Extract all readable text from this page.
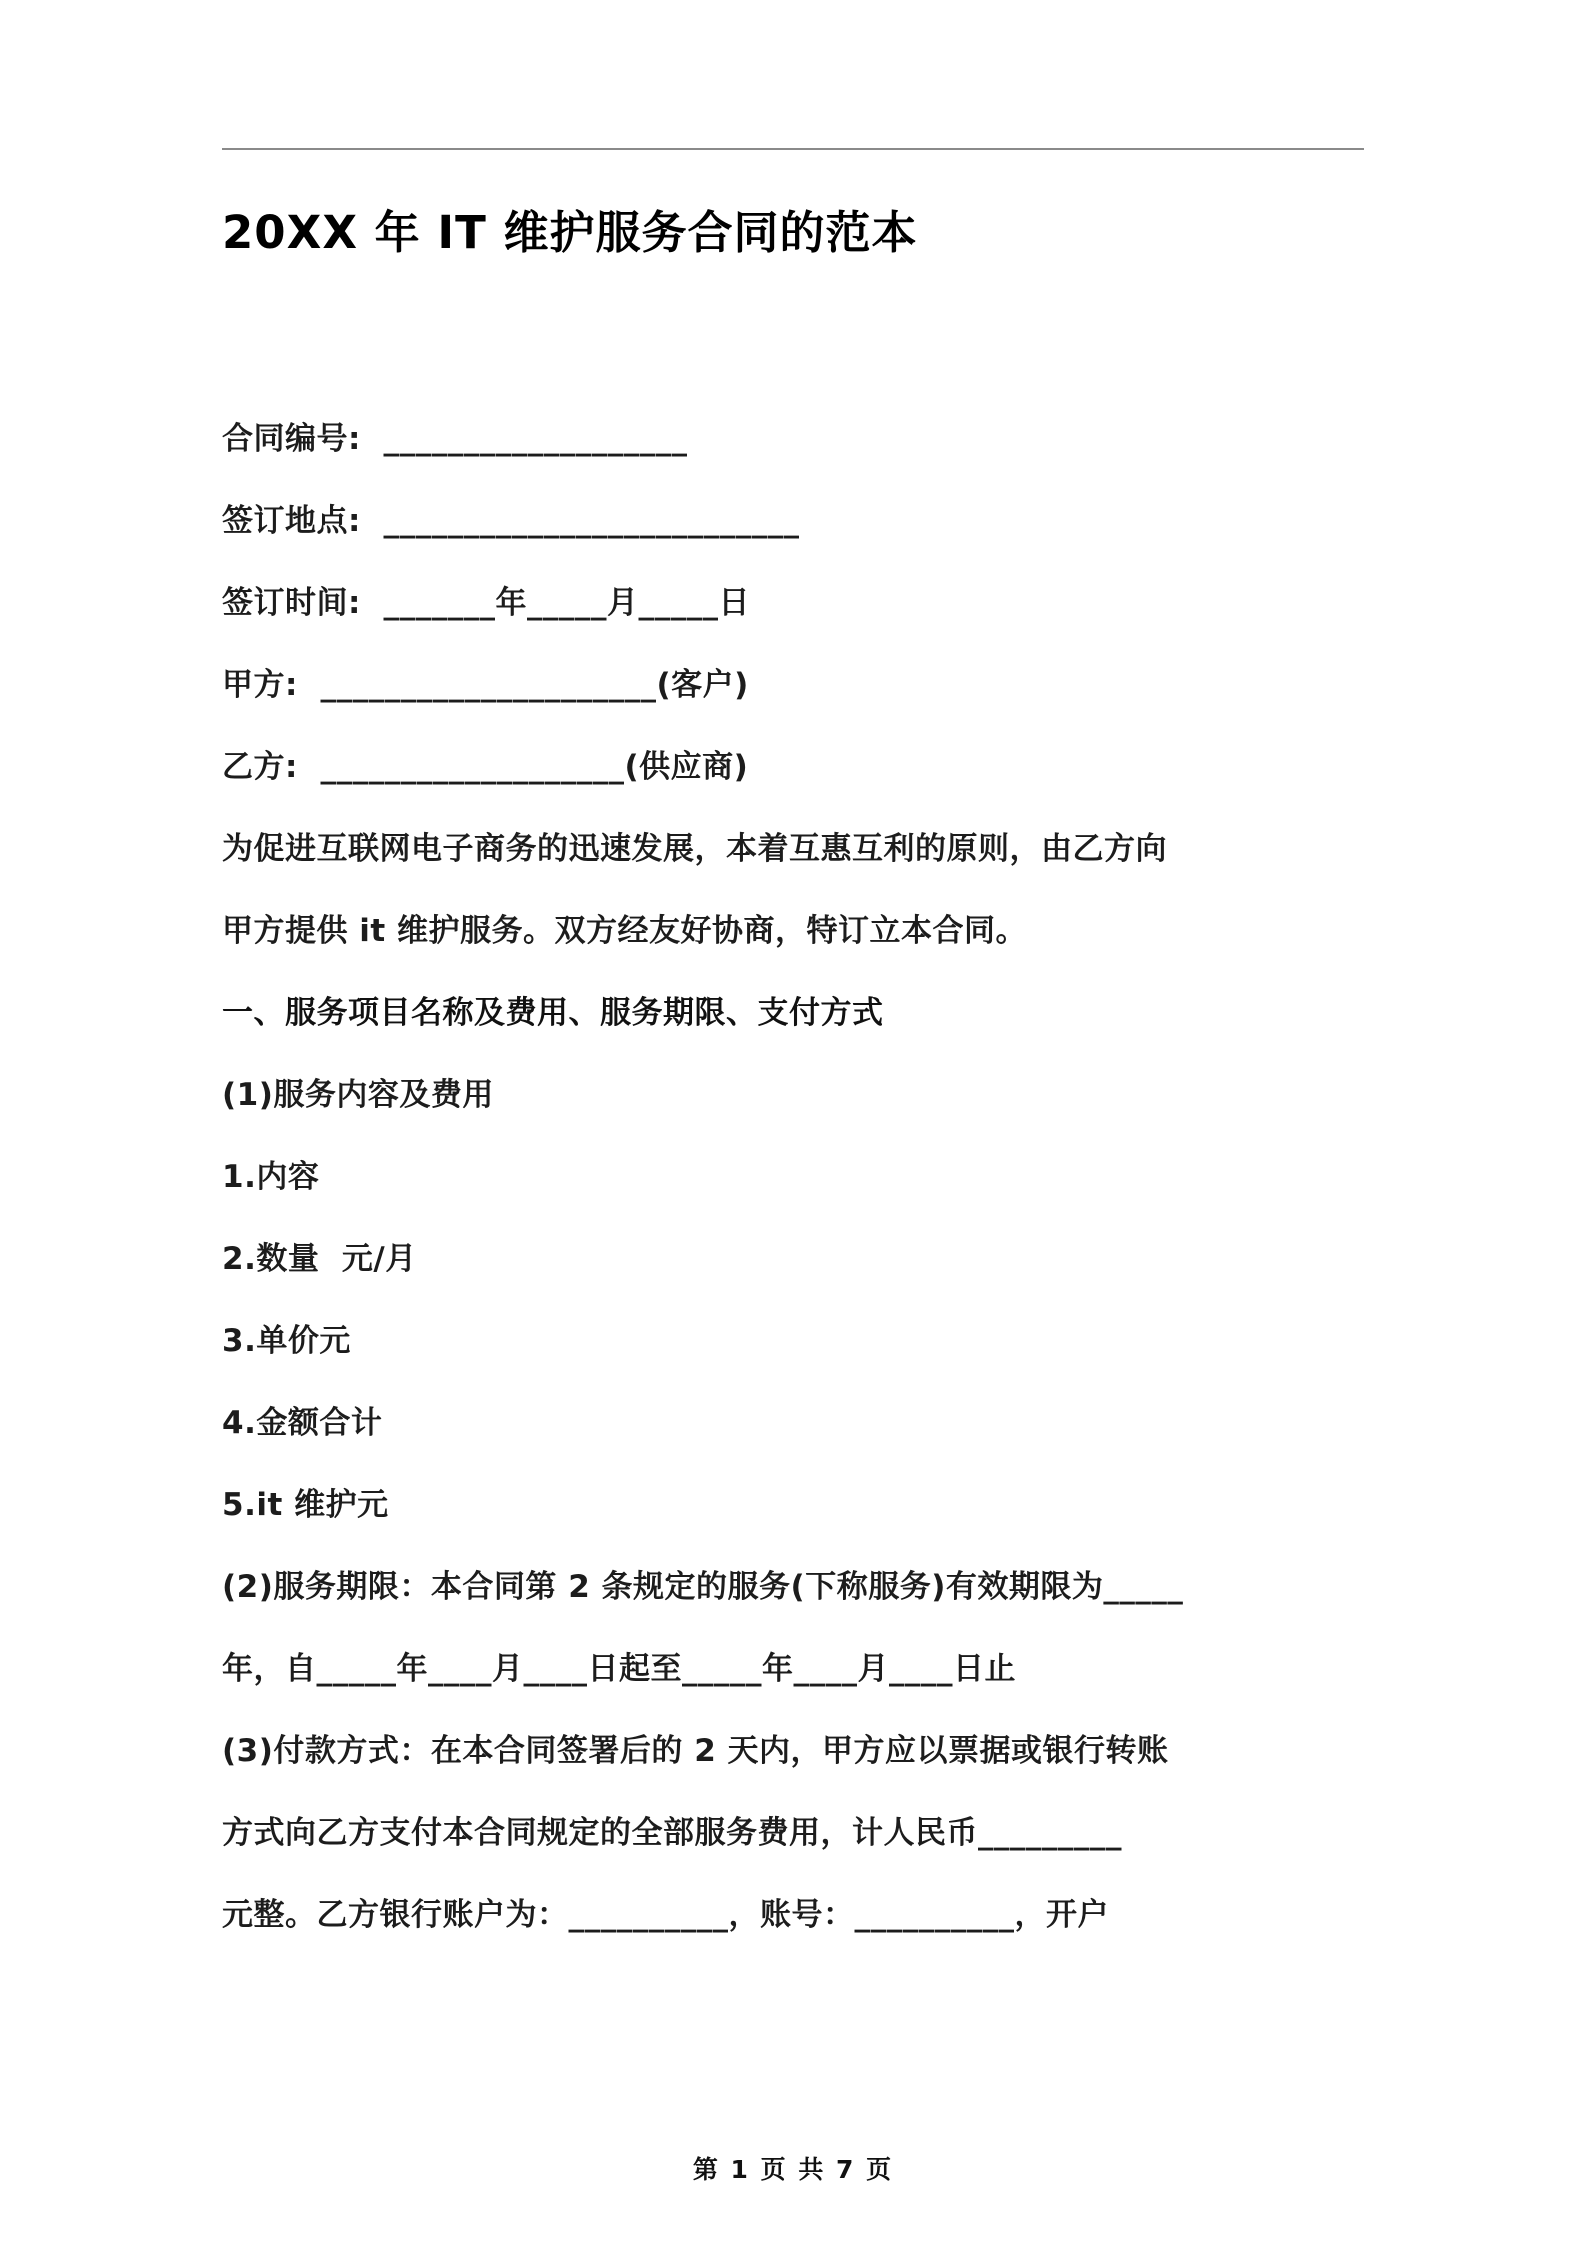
20XX 年 IT 维护服务合同的范本

合同编号:  ___________________

签订地点:  __________________________

签订时间:  _______年_____月_____日

甲方:  _____________________(客户)

乙方:  ___________________(供应商)

为促进互联网电子商务的迅速发展，本着互惠互利的原则，由乙方向

甲方提供 it 维护服务。双方经友好协商，特订立本合同。

一、服务项目名称及费用、服务期限、支付方式

(1)服务内容及费用

1.内容

2.数量  元/月

3.单价元

4.金额合计

5.it 维护元

(2)服务期限：本合同第 2 条规定的服务(下称服务)有效期限为_____

年，自_____年____月____日起至_____年____月____日止

(3)付款方式：在本合同签署后的 2 天内，甲方应以票据或银行转账

方式向乙方支付本合同规定的全部服务费用，计人民币_________

元整。乙方银行账户为：__________，账号：__________，开户

第 1 页 共 7 页
